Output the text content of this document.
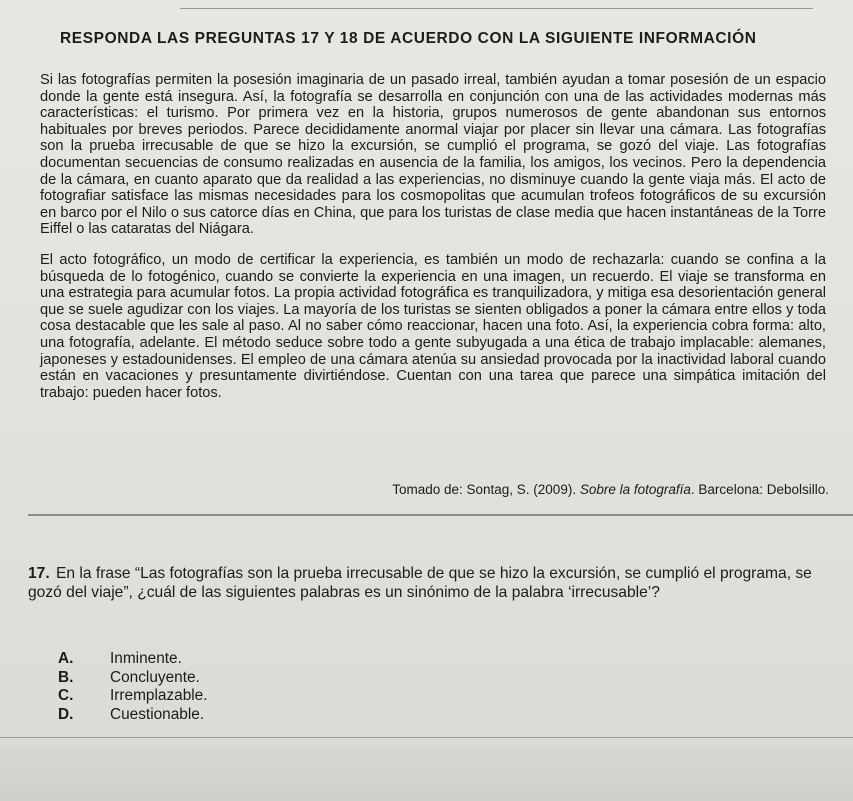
RESPONDA LAS PREGUNTAS 17 Y 18 DE ACUERDO CON LA SIGUIENTE INFORMACIÓN

Si las fotografías permiten la posesión imaginaria de un pasado irreal, también ayudan a tomar posesión de un espacio donde la gente está insegura. Así, la fotografía se desarrolla en conjunción con una de las actividades modernas más características: el turismo. Por primera vez en la historia, grupos numerosos de gente abandonan sus entornos habituales por breves periodos. Parece decididamente anormal viajar por placer sin llevar una cámara. Las fotografías son la prueba irrecusable de que se hizo la excursión, se cumplió el programa, se gozó del viaje. Las fotografías documentan secuencias de consumo realizadas en ausencia de la familia, los amigos, los vecinos. Pero la dependencia de la cámara, en cuanto aparato que da realidad a las experiencias, no disminuye cuando la gente viaja más. El acto de fotografiar satisface las mismas necesidades para los cosmopolitas que acumulan trofeos fotográficos de su excursión en barco por el Nilo o sus catorce días en China, que para los turistas de clase media que hacen instantáneas de la Torre Eiffel o las cataratas del Niágara.

El acto fotográfico, un modo de certificar la experiencia, es también un modo de rechazarla: cuando se confina a la búsqueda de lo fotogénico, cuando se convierte la experiencia en una imagen, un recuerdo. El viaje se transforma en una estrategia para acumular fotos. La propia actividad fotográfica es tranquilizadora, y mitiga esa desorientación general que se suele agudizar con los viajes. La mayoría de los turistas se sienten obligados a poner la cámara entre ellos y toda cosa destacable que les sale al paso. Al no saber cómo reaccionar, hacen una foto. Así, la experiencia cobra forma: alto, una fotografía, adelante. El método seduce sobre todo a gente subyugada a una ética de trabajo implacable: alemanes, japoneses y estadounidenses. El empleo de una cámara atenúa su ansiedad provocada por la inactividad laboral cuando están en vacaciones y presuntamente divirtiéndose. Cuentan con una tarea que parece una simpática imitación del trabajo: pueden hacer fotos.

Tomado de: Sontag, S. (2009). Sobre la fotografía. Barcelona: Debolsillo.
17. En la frase “Las fotografías son la prueba irrecusable de que se hizo la excursión, se cumplió el programa, se gozó del viaje”, ¿cuál de las siguientes palabras es un sinónimo de la palabra ‘irrecusable’?
A.	Inminente.
B.	Concluyente.
C.	Irremplazable.
D.	Cuestionable.
